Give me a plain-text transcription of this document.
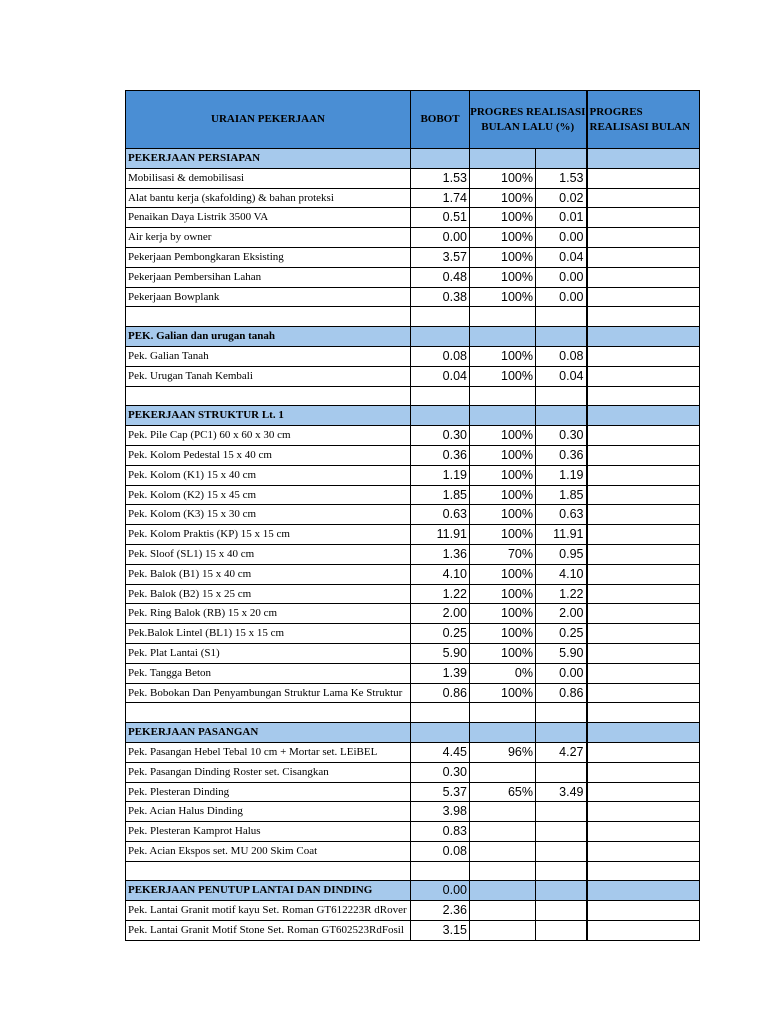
URAIAN PEKERJAAN	BOBOT	PROGRES REALISASI BULAN LALU (%)		PROGRES REALISASI BULAN
PEKERJAAN PERSIAPAN				
Mobilisasi & demobilisasi	1.53	100%	1.53	
Alat bantu kerja (skafolding) & bahan proteksi	1.74	100%	0.02	
Penaikan Daya Listrik 3500 VA	0.51	100%	0.01	
Air kerja by owner	0.00	100%	0.00	
Pekerjaan Pembongkaran Eksisting	3.57	100%	0.04	
Pekerjaan Pembersihan Lahan	0.48	100%	0.00	
Pekerjaan Bowplank	0.38	100%	0.00	

PEK. Galian dan urugan tanah				
Pek. Galian Tanah	0.08	100%	0.08	
Pek. Urugan Tanah Kembali	0.04	100%	0.04	

PEKERJAAN STRUKTUR Lt. 1				
Pek. Pile Cap (PC1) 60 x 60 x 30 cm	0.30	100%	0.30	
Pek. Kolom Pedestal 15 x 40 cm	0.36	100%	0.36	
Pek. Kolom (K1) 15 x 40 cm	1.19	100%	1.19	
Pek. Kolom (K2) 15 x 45 cm	1.85	100%	1.85	
Pek. Kolom (K3) 15 x 30 cm	0.63	100%	0.63	
Pek. Kolom Praktis (KP) 15 x 15 cm	11.91	100%	11.91	
Pek. Sloof (SL1) 15 x 40 cm	1.36	70%	0.95	
Pek. Balok (B1) 15 x 40 cm	4.10	100%	4.10	
Pek. Balok (B2) 15 x 25 cm	1.22	100%	1.22	
Pek. Ring Balok (RB) 15 x 20 cm	2.00	100%	2.00	
Pek.Balok Lintel (BL1) 15 x 15 cm	0.25	100%	0.25	
Pek. Plat Lantai (S1)	5.90	100%	5.90	
Pek. Tangga Beton	1.39	0%	0.00	
Pek. Bobokan Dan Penyambungan Struktur Lama Ke Struktur	0.86	100%	0.86	

PEKERJAAN PASANGAN				
Pek. Pasangan Hebel Tebal 10 cm + Mortar set. LEiBEL	4.45	96%	4.27	
Pek. Pasangan Dinding Roster set. Cisangkan	0.30			
Pek. Plesteran Dinding	5.37	65%	3.49	
Pek. Acian Halus Dinding	3.98			
Pek. Plesteran Kamprot Halus	0.83			
Pek. Acian Ekspos set. MU 200 Skim Coat	0.08			

PEKERJAAN PENUTUP LANTAI DAN DINDING	0.00			
Pek. Lantai Granit motif kayu Set. Roman GT612223R dRover	2.36			
Pek. Lantai Granit Motif Stone Set. Roman GT602523RdFosil	3.15			
